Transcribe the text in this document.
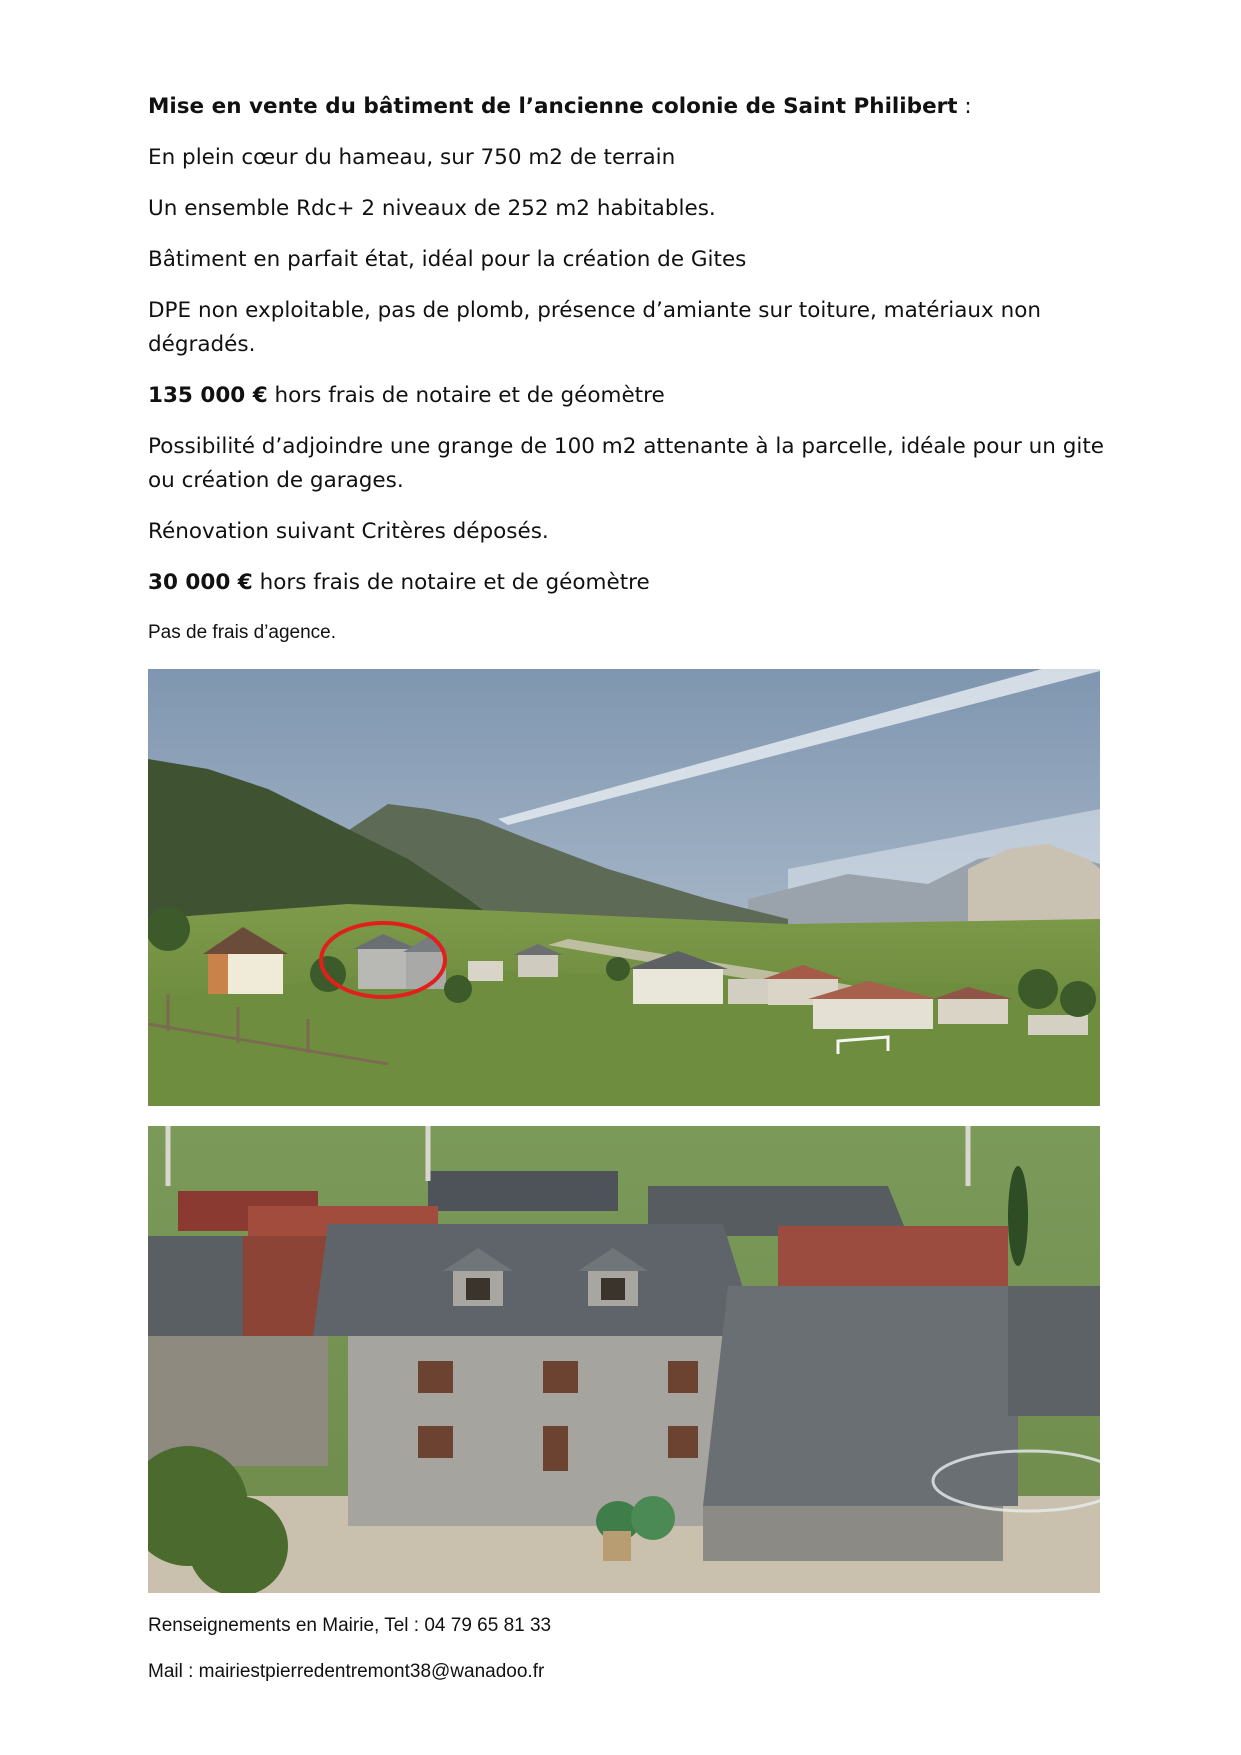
Mise en vente du bâtiment de l’ancienne colonie de Saint Philibert :
En plein cœur du hameau, sur 750 m2 de terrain
Un ensemble Rdc+ 2 niveaux de 252 m2 habitables.
Bâtiment en parfait état, idéal pour la création de Gites
DPE non exploitable, pas de plomb, présence d’amiante sur toiture, matériaux non dégradés.
135 000 € hors frais de notaire et de géomètre
Possibilité d’adjoindre une grange de 100 m2 attenante à la parcelle, idéale pour un gite ou création de garages.
Rénovation suivant Critères déposés.
30 000 € hors frais de notaire et de géomètre
Pas de frais d’agence.
Renseignements en Mairie, Tel : 04 79 65 81 33
Mail : mairiestpierredentremont38@wanadoo.fr
